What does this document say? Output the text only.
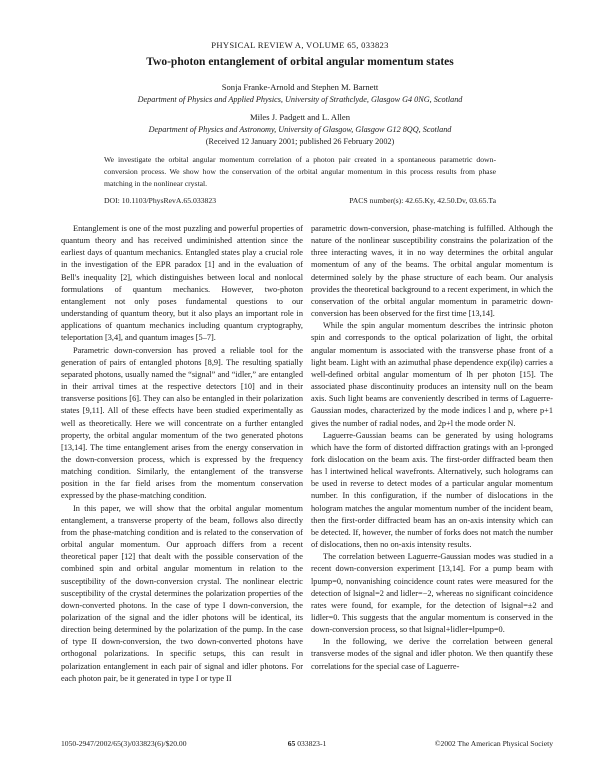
PHYSICAL REVIEW A, VOLUME 65, 033823
Two-photon entanglement of orbital angular momentum states
Sonja Franke-Arnold and Stephen M. Barnett
Department of Physics and Applied Physics, University of Strathclyde, Glasgow G4 0NG, Scotland
Miles J. Padgett and L. Allen
Department of Physics and Astronomy, University of Glasgow, Glasgow G12 8QQ, Scotland
(Received 12 January 2001; published 26 February 2002)
We investigate the orbital angular momentum correlation of a photon pair created in a spontaneous parametric down-conversion process. We show how the conservation of the orbital angular momentum in this process results from phase matching in the nonlinear crystal.
DOI: 10.1103/PhysRevA.65.033823	PACS number(s): 42.65.Ky, 42.50.Dv, 03.65.Ta

Entanglement is one of the most puzzling and powerful properties of quantum theory and has received undiminished attention since the earliest days of quantum mechanics. Entangled states play a crucial role in the investigation of the EPR paradox [1] and in the evaluation of Bell's inequality [2], which distinguishes between local and nonlocal formulations of quantum mechanics. However, two-photon entanglement not only poses fundamental questions to our understanding of quantum theory, but it also plays an important role in applications of quantum mechanics including quantum cryptography, teleportation [3,4], and quantum images [5–7].

Parametric down-conversion has proved a reliable tool for the generation of pairs of entangled photons [8,9]. The resulting spatially separated photons, usually named the “signal” and “idler,” are entangled in their arrival times at the respective detectors [10] and in their transverse positions [6]. They can also be entangled in their polarization states [9,11]. All of these effects have been studied experimentally as well as theoretically. Here we will concentrate on a further entangled property, the orbital angular momentum of the two generated photons [13,14]. The time entanglement arises from the energy conservation in the down-conversion process, which is expressed by the frequency matching condition. Similarly, the entanglement of the transverse position in the far field arises from the momentum conservation expressed by the phase-matching condition.

In this paper, we will show that the orbital angular momentum entanglement, a transverse property of the beam, follows also directly from the phase-matching condition and is related to the conservation of orbital angular momentum. Our approach differs from a recent theoretical paper [12] that dealt with the possible conservation of the combined spin and orbital angular momentum in relation to the susceptibility of the down-conversion crystal. The nonlinear electric susceptibility of the crystal determines the polarization properties of the down-converted photons. In the case of type I down-conversion, the polarization of the signal and the idler photons will be identical, its direction being determined by the polarization of the pump. In the case of type II down-conversion, the two down-converted photons have orthogonal polarizations. In specific setups, this can result in polarization entanglement in each pair of signal and idler photons. For each photon pair, be it generated in type I or type II

parametric down-conversion, phase-matching is fulfilled. Although the nature of the nonlinear susceptibility constrains the polarization of the three interacting waves, it in no way determines the orbital angular momentum of any of the beams. The orbital angular momentum is determined solely by the phase structure of each beam. Our analysis provides the theoretical background to a recent experiment, in which the conservation of the orbital angular momentum in parametric down-conversion has been observed for the first time [13,14].

While the spin angular momentum describes the intrinsic photon spin and corresponds to the optical polarization of light, the orbital angular momentum is associated with the transverse phase front of a light beam. Light with an azimuthal phase dependence exp(ilφ) carries a well-defined orbital angular momentum of lħ per photon [15]. The associated phase discontinuity produces an intensity null on the beam axis. Such light beams are conveniently described in terms of Laguerre-Gaussian modes, characterized by the mode indices l and p, where p+1 gives the number of radial nodes, and 2p+l the mode order N.

Laguerre-Gaussian beams can be generated by using holograms which have the form of distorted diffraction gratings with an l-pronged fork dislocation on the beam axis. The first-order diffracted beam then has l intertwined helical wavefronts. Alternatively, such holograms can be used in reverse to detect modes of a particular angular momentum number. In this configuration, if the number of dislocations in the hologram matches the angular momentum number of the incident beam, then the first-order diffracted beam has an on-axis intensity which can be detected. If, however, the number of forks does not match the number of dislocations, then no on-axis intensity results.

The correlation between Laguerre-Gaussian modes was studied in a recent down-conversion experiment [13,14]. For a pump beam with lpump=0, nonvanishing coincidence count rates were measured for the detection of lsignal=2 and lidler=−2, whereas no significant coincidence rates were found, for example, for the detection of lsignal=±2 and lidler=0. This suggests that the angular momentum is conserved in the down-conversion process, so that lsignal+lidler=lpump=0.

In the following, we derive the correlation between general transverse modes of the signal and idler photon. We then quantify these correlations for the special case of Laguerre-

1050-2947/2002/65(3)/033823(6)/$20.00	65 033823-1	©2002 The American Physical Society
